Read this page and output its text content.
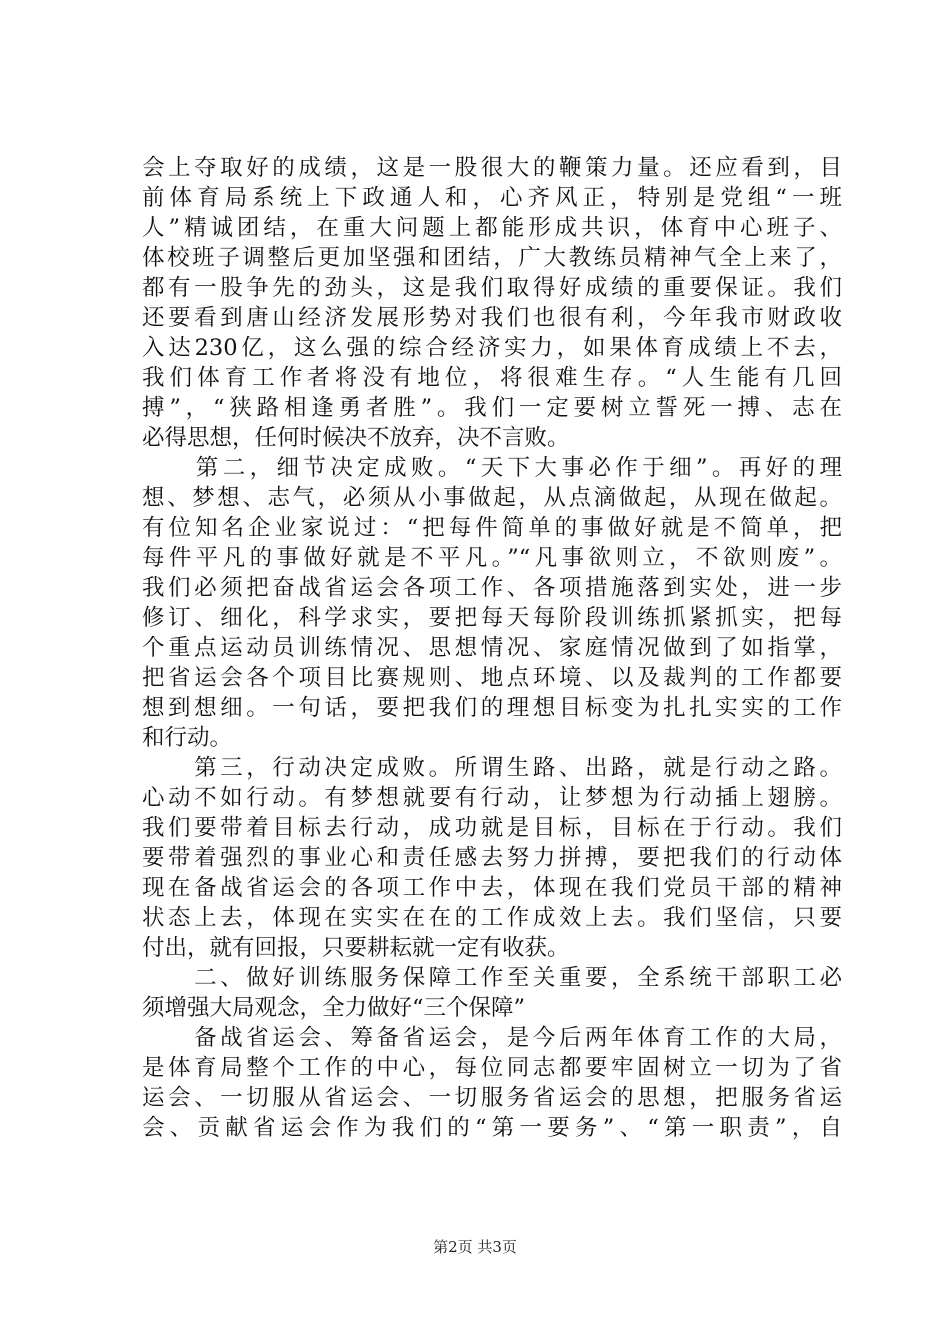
会上夺取好的成绩，这是一股很大的鞭策力量。还应看到，目
前体育局系统上下政通人和，心齐风正，特别是党组“一班
人”精诚团结，在重大问题上都能形成共识，体育中心班子、
体校班子调整后更加坚强和团结，广大教练员精神气全上来了，
都有一股争先的劲头，这是我们取得好成绩的重要保证。我们
还要看到唐山经济发展形势对我们也很有利，今年我市财政收
入达230亿，这么强的综合经济实力，如果体育成绩上不去，
我们体育工作者将没有地位，将很难生存。“人生能有几回
搏”，“狭路相逢勇者胜”。我们一定要树立誓死一搏、志在
必得思想，任何时候决不放弃，决不言败。
　　第二，细节决定成败。“天下大事必作于细”。再好的理
想、梦想、志气，必须从小事做起，从点滴做起，从现在做起。
有位知名企业家说过：“把每件简单的事做好就是不简单，把
每件平凡的事做好就是不平凡。”“凡事欲则立，不欲则废”。
我们必须把奋战省运会各项工作、各项措施落到实处，进一步
修订、细化，科学求实，要把每天每阶段训练抓紧抓实，把每
个重点运动员训练情况、思想情况、家庭情况做到了如指掌，
把省运会各个项目比赛规则、地点环境、以及裁判的工作都要
想到想细。一句话，要把我们的理想目标变为扎扎实实的工作
和行动。
　　第三，行动决定成败。所谓生路、出路，就是行动之路。
心动不如行动。有梦想就要有行动，让梦想为行动插上翅膀。
我们要带着目标去行动，成功就是目标，目标在于行动。我们
要带着强烈的事业心和责任感去努力拼搏，要把我们的行动体
现在备战省运会的各项工作中去，体现在我们党员干部的精神
状态上去，体现在实实在在的工作成效上去。我们坚信，只要
付出，就有回报，只要耕耘就一定有收获。
　　二、做好训练服务保障工作至关重要，全系统干部职工必
须增强大局观念，全力做好“三个保障”
　　备战省运会、筹备省运会，是今后两年体育工作的大局，
是体育局整个工作的中心，每位同志都要牢固树立一切为了省
运会、一切服从省运会、一切服务省运会的思想，把服务省运
会、贡献省运会作为我们的“第一要务”、“第一职责”，自
第2页 共3页
